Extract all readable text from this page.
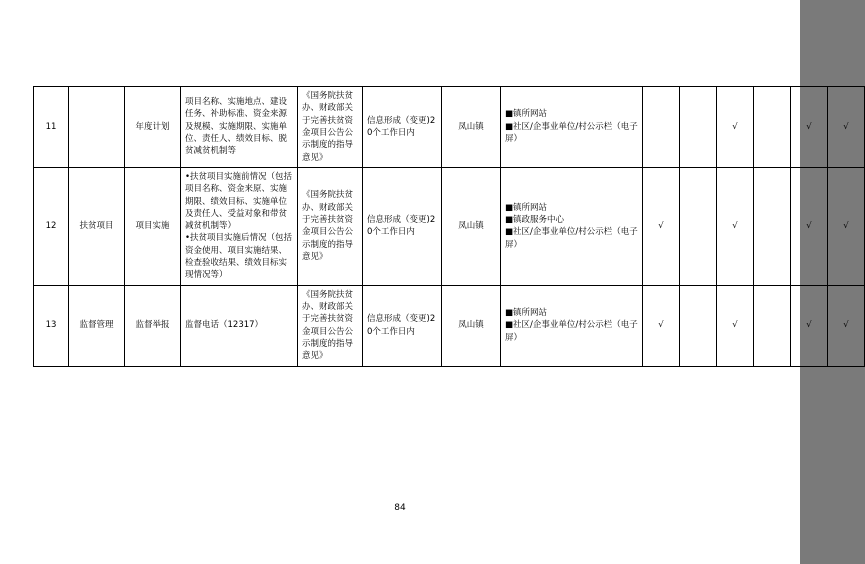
11		年度计划	项目名称、实施地点、建设任务、补助标准、资金来源及规模、实施期限、实施单位、责任人、绩效目标、脱贫减贫机制等	《国务院扶贫办、财政部关于完善扶贫资金项目公告公示制度的指导意见》	信息形成（变更)20个工作日内	凤山镇	■镇所网站
■社区/企事业单位/村公示栏（电子屏）			√		√	√
12	扶贫项目	项目实施	•扶贫项目实施前情况（包括项目名称、资金来原、实施期限、绩效目标、实施单位及责任人、受益对象和带贫减贫机制等）
•扶贫项目实施后情况（包括资金使用、项目实施结果、检查验收结果、绩效目标实现情况等）	《国务院扶贫办、财政部关于完善扶贫资金项目公告公示制度的指导意见》	信息形成（变更)20个工作日内	凤山镇	■镇所网站
■镇政服务中心
■社区/企事业单位/村公示栏（电子屏）	√		√		√	√
13	监督管理	监督举报	监督电话（12317）	《国务院扶贫办、财政部关于完善扶贫资金项目公告公示制度的指导意见》	信息形成（变更)20个工作日内	凤山镇	■镇所网站
■社区/企事业单位/村公示栏（电子屏）	√		√		√	√
84
